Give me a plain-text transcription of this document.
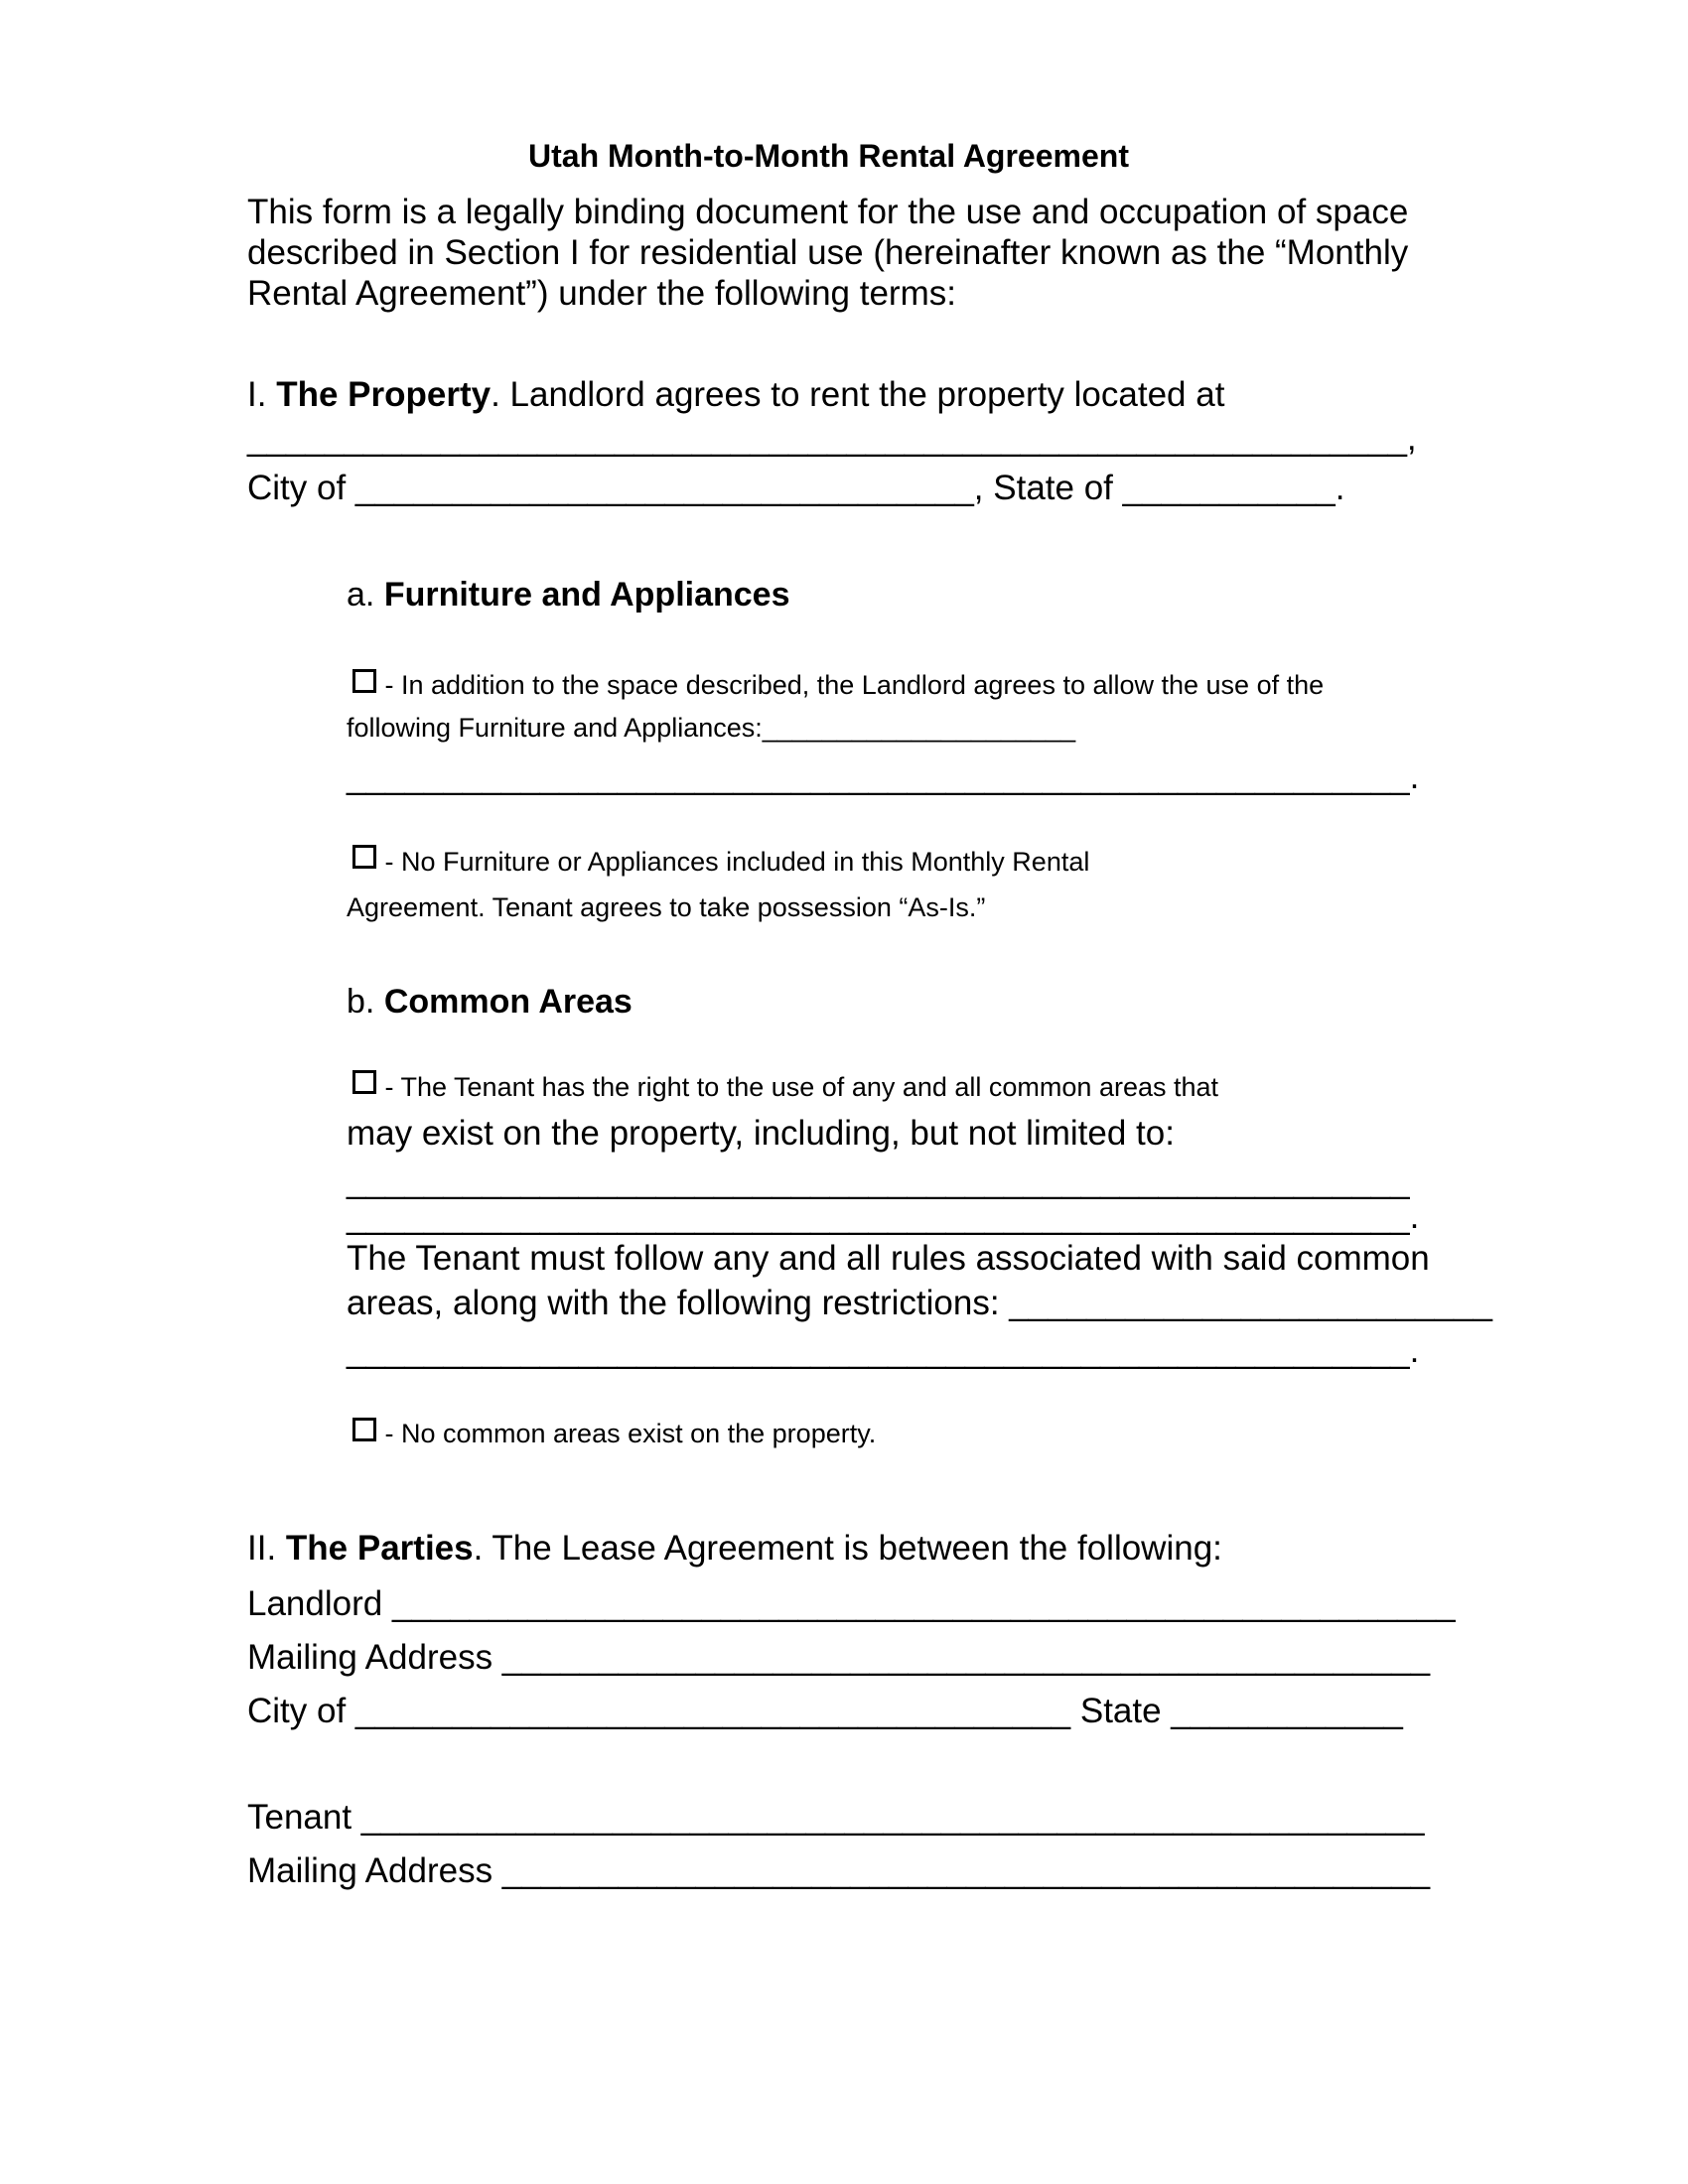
Utah Month-to-Month Rental Agreement
This form is a legally binding document for the use and occupation of space
described in Section I for residential use (hereinafter known as the “Monthly
Rental Agreement”) under the following terms:
I. The Property. Landlord agrees to rent the property located at
____________________________________________________________,
City of ________________________________, State of ___________.
a. Furniture and Appliances
- In addition to the space described, the Landlord agrees to allow the use of the
following Furniture and Appliances:_____________________
_______________________________________________________.
- No Furniture or Appliances included in this Monthly Rental
Agreement. Tenant agrees to take possession “As-Is.”
b. Common Areas
- The Tenant has the right to the use of any and all common areas that
may exist on the property, including, but not limited to:
_______________________________________________________
_______________________________________________________.
The Tenant must follow any and all rules associated with said common
areas, along with the following restrictions: _________________________
_______________________________________________________.
- No common areas exist on the property.
II. The Parties. The Lease Agreement is between the following:
Landlord _______________________________________________________
Mailing Address ________________________________________________
City of _____________________________________ State ____________
Tenant _______________________________________________________
Mailing Address ________________________________________________
